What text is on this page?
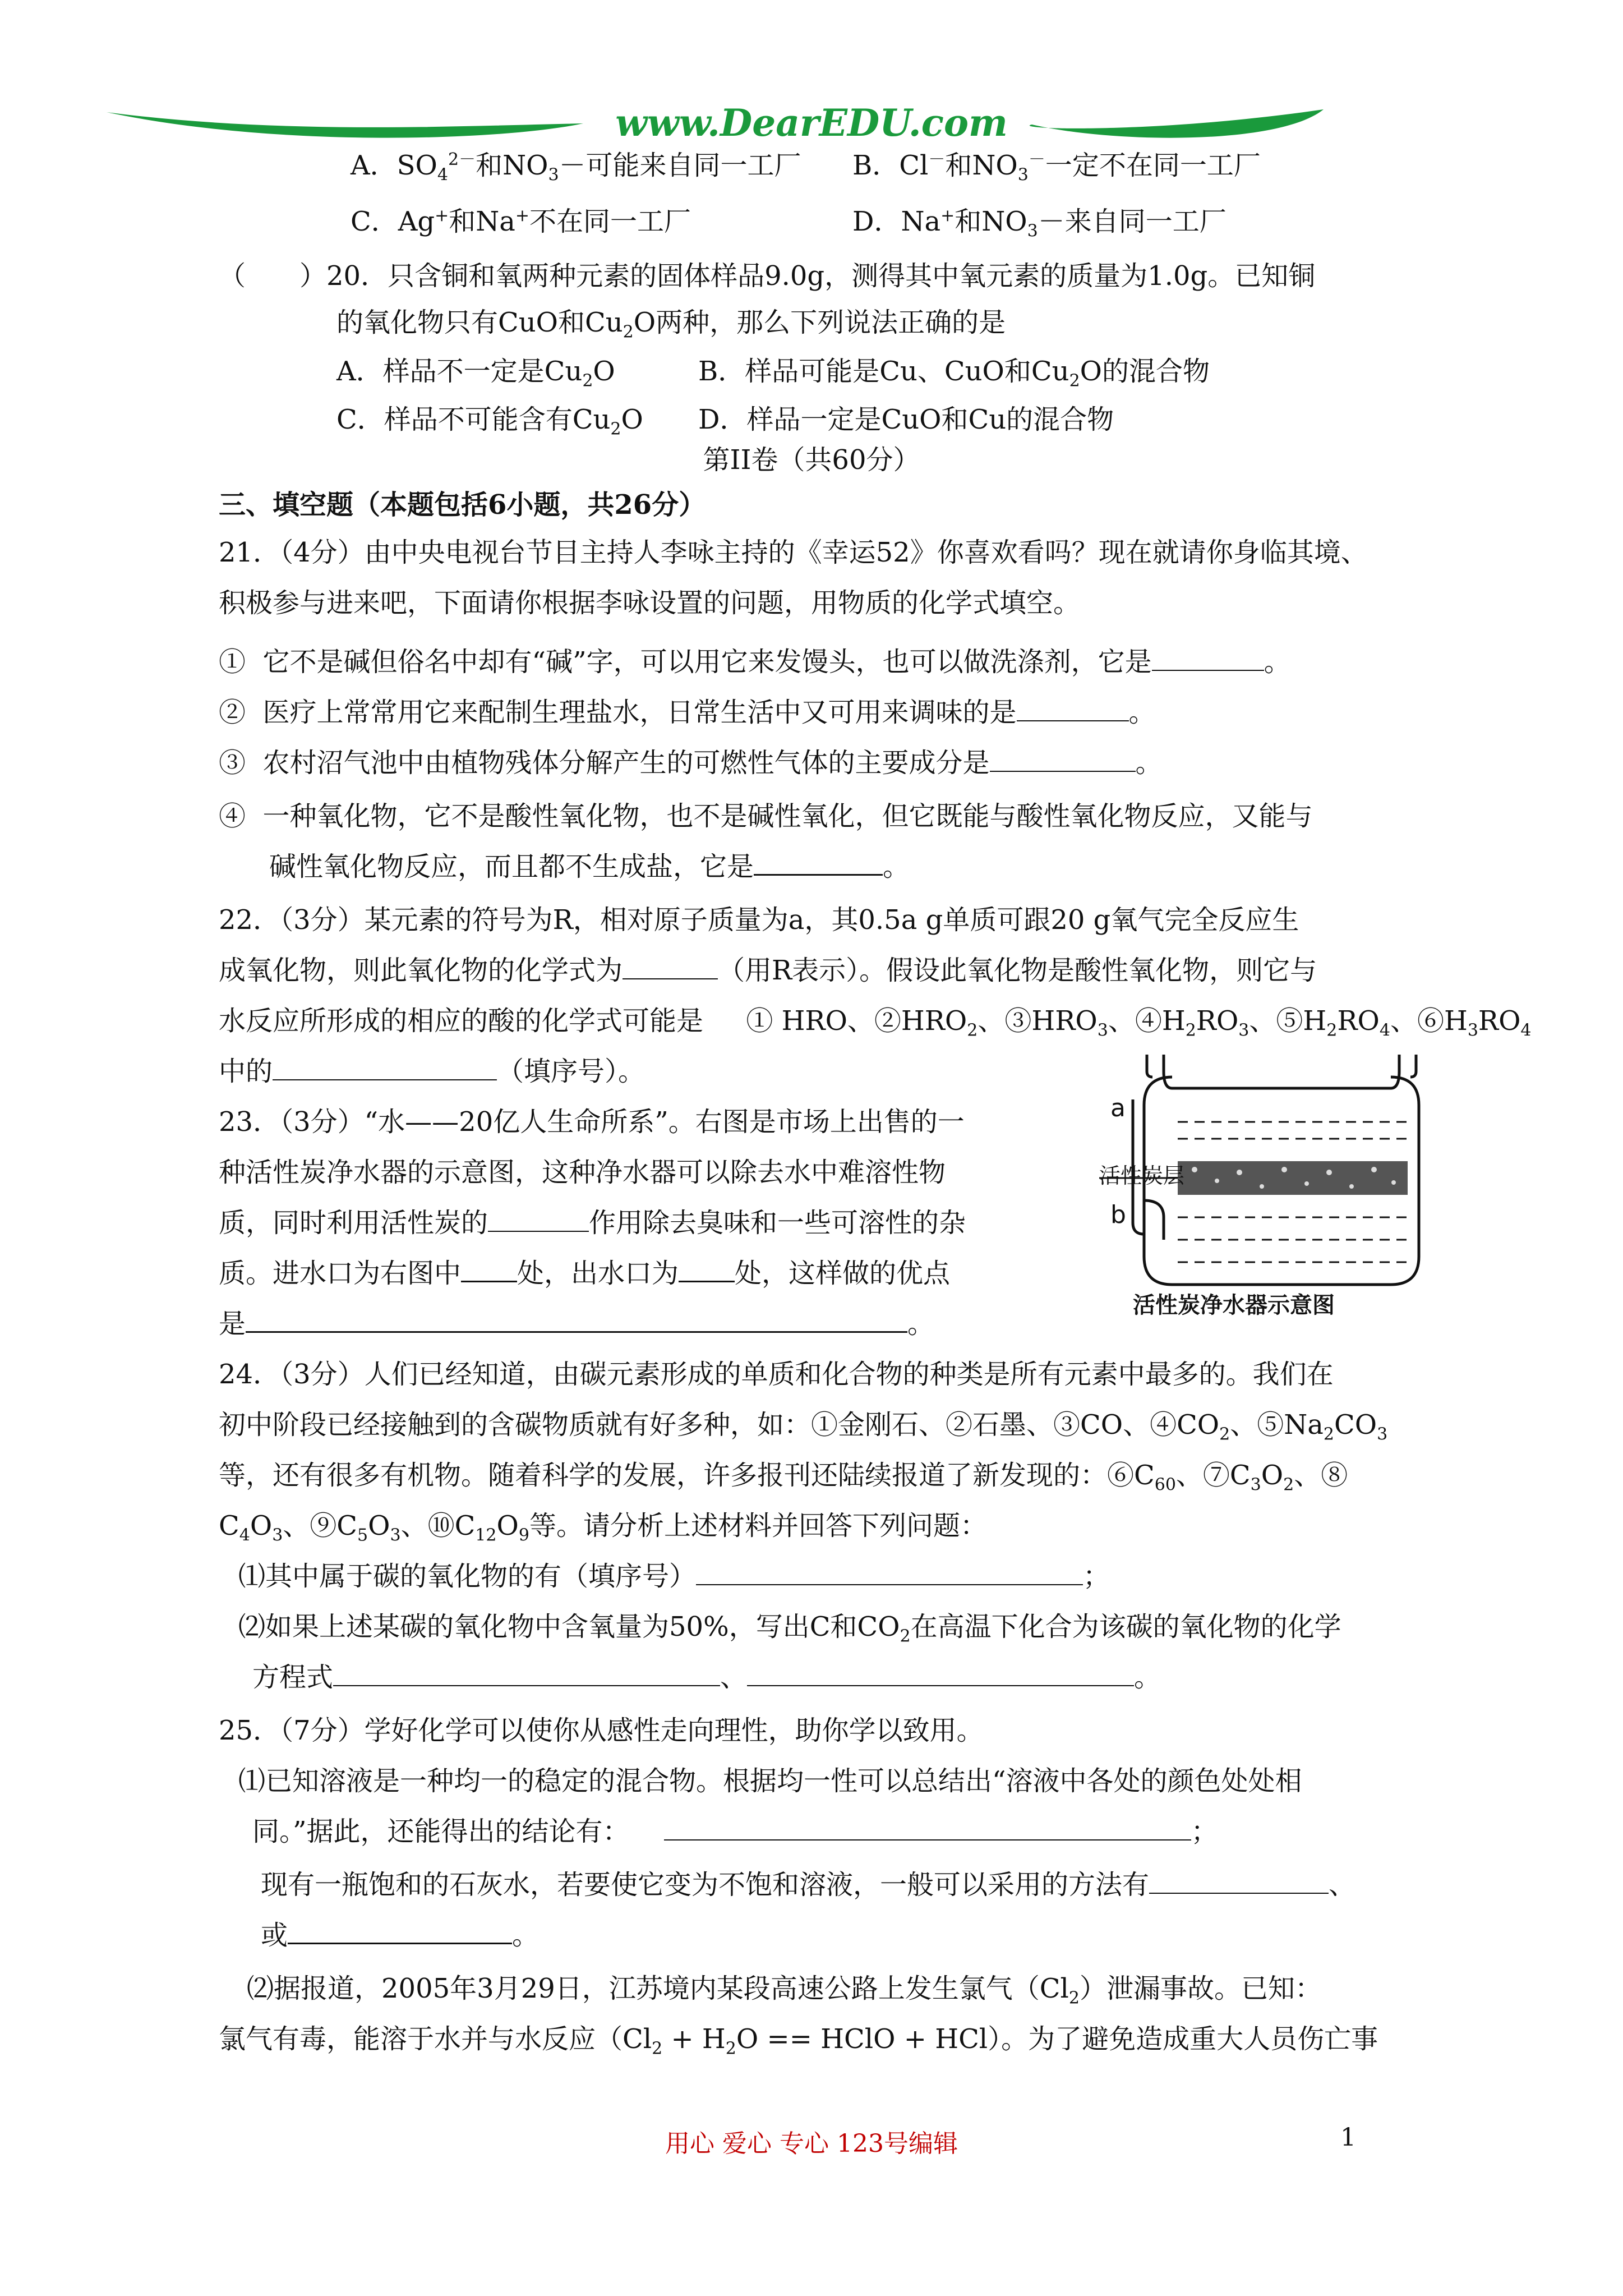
www.DearEDU.com
A．$SO_4^{2-}$和$NO_3-$可能来自同一工厂 B．Cl－和$NO_3^-$一定不在同一工厂
C．Ag+和Na+不在同一工厂	D．Na+和$NO_3-$来自同一工厂
（　　）20．只含铜和氧两种元素的固体样品9.0g，测得其中氧元素的质量为1.0g。已知铜
的氧化物只有CuO和$Cu_2O$两种，那么下列说法正确的是
A．样品不一定是$Cu_2O$	B．样品可能是Cu、CuO和$Cu_2O$的混合物
C．样品不可能含有$Cu_2O$ D．样品一定是CuO和Cu的混合物
第II卷（共60分）
三、填空题（本题包括6小题，共26分）
21．（4分）由中央电视台节目主持人李咏主持的《幸运52》你喜欢看吗？现在就请你身临其境、
积极参与进来吧，下面请你根据李咏设置的问题，用物质的化学式填空。
① 它不是碱但俗名中却有“碱”字，可以用它来发馒头，也可以做洗涤剂，它是	。
② 医疗上常常用它来配制生理盐水，日常生活中又可用来调味的是	。
③ 农村沼气池中由植物残体分解产生的可燃性气体的主要成分是	。
④ 一种氧化物，它不是酸性氧化物，也不是碱性氧化，但它既能与酸性氧化物反应，又能与
碱性氧化物反应，而且都不生成盐，它是	。
22．（3分）某元素的符号为R，相对原子质量为a，其0.5a g单质可跟20 g氧气完全反应生
成氧化物，则此氧化物的化学式为	（用R表示）。假设此氧化物是酸性氧化物，则它与
水反应所形成的相应的酸的化学式可能是 ① HRO、$②HRO_2$、$③HRO_3$、$④H_2RO_3$、$⑤H_2RO_4$、$⑥H_3RO_4$
中的	（填序号）。
23．（3分）“水——20亿人生命所系”。右图是市场上出售的一
种活性炭净水器的示意图，这种净水器可以除去水中难溶性物
质，同时利用活性炭的	作用除去臭味和一些可溶性的杂
质。进水口为右图中 处，出水口为 处，这样做的优点
是	。
a
活性炭层
b
活性炭净水器示意图
24．（3分）人们已经知道，由碳元素形成的单质和化合物的种类是所有元素中最多的。我们在
初中阶段已经接触到的含碳物质就有好多种，如：①金刚石、②石墨、③CO、$④CO_2$、$⑤Na_2CO_3$
等，还有很多有机物。随着科学的发展，许多报刊还陆续报道了新发现的：$⑥C_{60}$、$⑦C_3O_2$、⑧
$C_4O_3$、$⑨C_5O_3$、$⑩C_{12}O_9$等。请分析上述材料并回答下列问题：
⑴其中属于碳的氧化物的有（填序号）	；
⑵如果上述某碳的氧化物中含氧量为50%，写出C和$CO_2$在高温下化合为该碳的氧化物的化学
方程式	、	。
25．（7分）学好化学可以使你从感性走向理性，助你学以致用。
⑴已知溶液是一种均一的稳定的混合物。根据均一性可以总结出“溶液中各处的颜色处处相
同。”据此，还能得出的结论有：	；
现有一瓶饱和的石灰水，若要使它变为不饱和溶液，一般可以采用的方法有	、
或	。
⑵据报道，2005年3月29日，江苏境内某段高速公路上发生氯气$(Cl_2)$泄漏事故。已知：
氯气有毒，能溶于水并与水反应（$Cl_2 + H_2O$ == HClO + HCl）。为了避免造成重大人员伤亡事
用心 爱心 专心 123号编辑	1
